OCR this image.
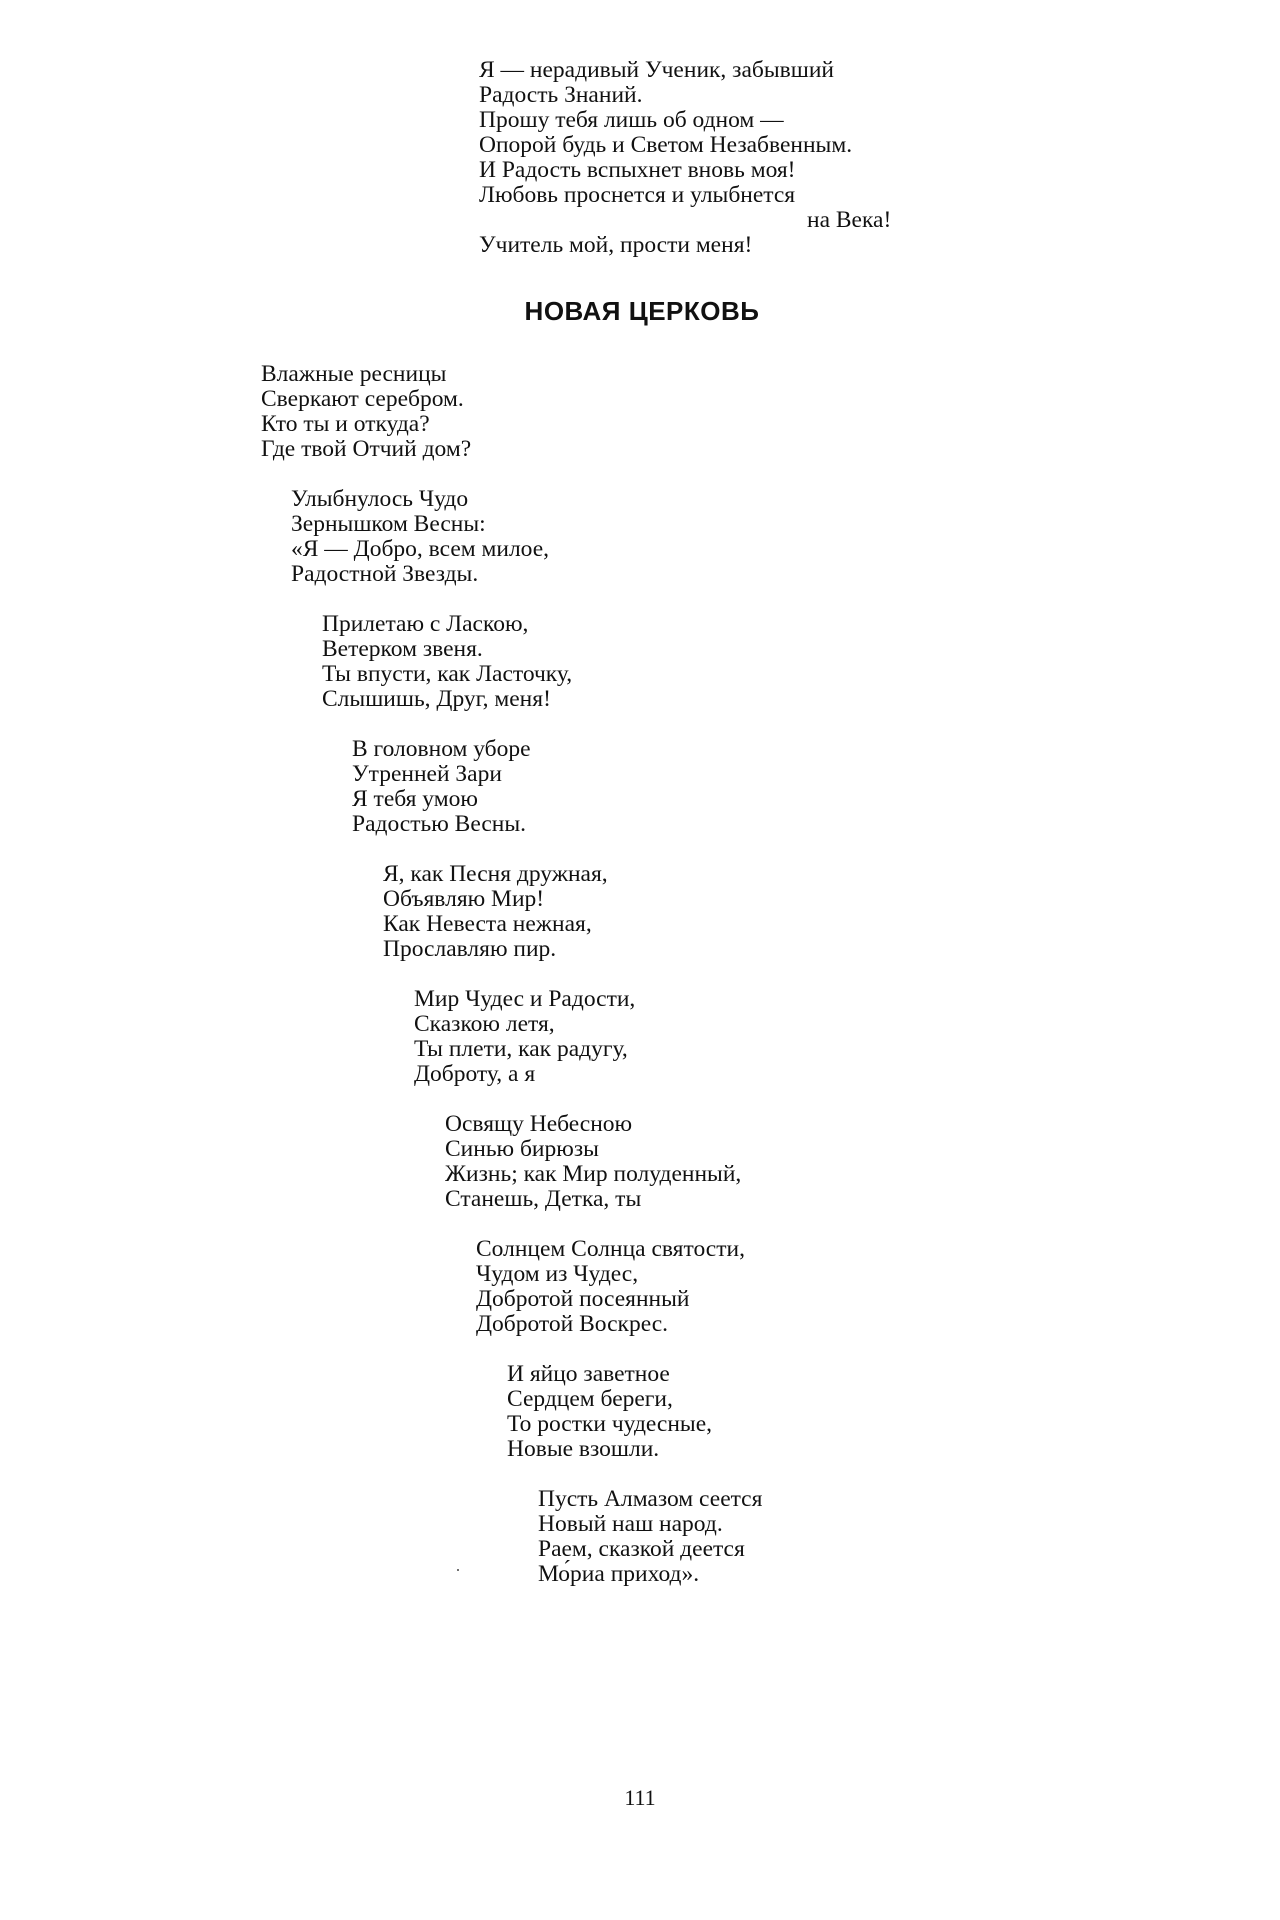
Я — нерадивый Ученик, забывший
Радость Знаний.
Прошу тебя лишь об одном —
Опорой будь и Светом Незабвенным.
И Радость вспыхнет вновь моя!
Любовь проснется и улыбнется
на Века!
Учитель мой, прости меня!
НОВАЯ ЦЕРКОВЬ
Влажные ресницы
Сверкают серебром.
Кто ты и откуда?
Где твой Отчий дом?
Улыбнулось Чудо
Зернышком Весны:
«Я — Добро, всем милое,
Радостной Звезды.
Прилетаю с Ласкою,
Ветерком звеня.
Ты впусти, как Ласточку,
Слышишь, Друг, меня!
В головном уборе
Утренней Зари
Я тебя умою
Радостью Весны.
Я, как Песня дружная,
Объявляю Мир!
Как Невеста нежная,
Прославляю пир.
Мир Чудес и Радости,
Сказкою летя,
Ты плети, как радугу,
Доброту, а я
Освящу Небесною
Синью бирюзы
Жизнь; как Мир полуденный,
Станешь, Детка, ты
Солнцем Солнца святости,
Чудом из Чудес,
Добротой посеянный
Добротой Воскрес.
И яйцо заветное
Сердцем береги,
То ростки чудесные,
Новые взошли.
Пусть Алмазом сеется
Новый наш народ.
Раем, сказкой деется
Мо́риа приход».

111
